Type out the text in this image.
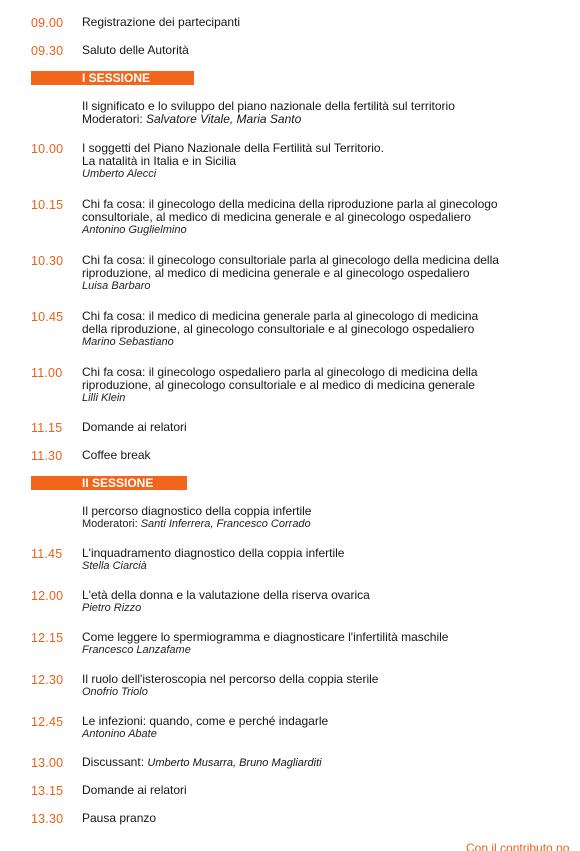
09.00 Registrazione dei partecipanti
09.30 Saluto delle Autorità
I SESSIONE
Il significato e lo sviluppo del piano nazionale della fertilità sul territorio
Moderatori: Salvatore Vitale, Maria Santo
10.00 I soggetti del Piano Nazionale della Fertilità sul Territorio.
La natalità in Italia e in Sicilia
Umberto Alecci
10.15 Chi fa cosa: il ginecologo della medicina della riproduzione parla al ginecologo
consultoriale, al medico di medicina generale e al ginecologo ospedaliero
Antonino Guglielmino
10.30 Chi fa cosa: il ginecologo consultoriale parla al ginecologo della medicina della
riproduzione, al medico di medicina generale e al ginecologo ospedaliero
Luisa Barbaro
10.45 Chi fa cosa: il medico di medicina generale parla al ginecologo di medicina
della riproduzione, al ginecologo consultoriale e al ginecologo ospedaliero
Marino Sebastiano
11.00 Chi fa cosa: il ginecologo ospedaliero parla al ginecologo di medicina della
riproduzione, al ginecologo consultoriale e al medico di medicina generale
Lilli Klein
11.15 Domande ai relatori
11.30 Coffee break
II SESSIONE
Il percorso diagnostico della coppia infertile
Moderatori: Santi Inferrera, Francesco Corrado
11.45 L'inquadramento diagnostico della coppia infertile
Stella Ciarcià
12.00 L'età della donna e la valutazione della riserva ovarica
Pietro Rizzo
12.15 Come leggere lo spermiogramma e diagnosticare l'infertilità maschile
Francesco Lanzafame
12.30 Il ruolo dell'isteroscopia nel percorso della coppia sterile
Onofrio Triolo
12.45 Le infezioni: quando, come e perché indagarle
Antonino Abate
13.00 Discussant: Umberto Musarra, Bruno Magliarditi
13.15 Domande ai relatori
13.30 Pausa pranzo
Con il contributo no
